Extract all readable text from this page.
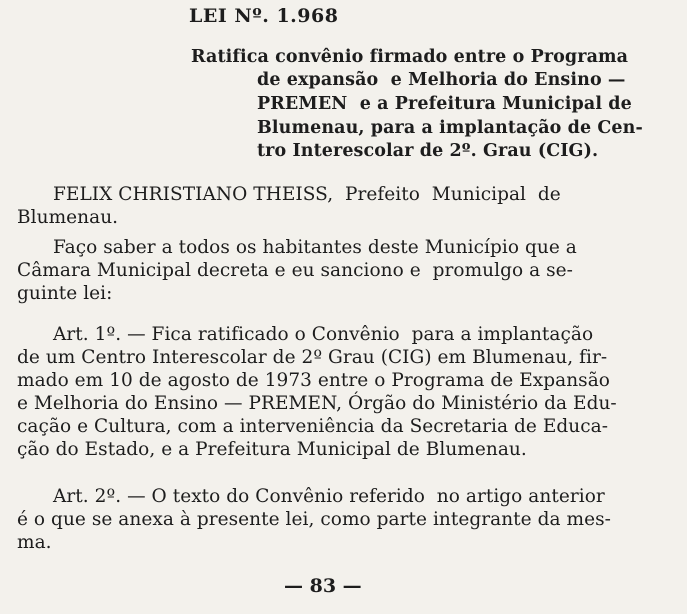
LEI Nº. 1.968
Ratifica convênio firmado entre o Programa
de expansão  e Melhoria do Ensino —
PREMEN  e a Prefeitura Municipal de
Blumenau, para a implantação de Cen-
tro Interescolar de 2º. Grau (CIG).
FELIX CHRISTIANO THEISS,  Prefeito  Municipal  de
Blumenau.
Faço saber a todos os habitantes deste Município que a
Câmara Municipal decreta e eu sanciono e  promulgo a se-
guinte lei:
Art. 1º. — Fica ratificado o Convênio  para a implantação
de um Centro Interescolar de 2º Grau (CIG) em Blumenau, fir-
mado em 10 de agosto de 1973 entre o Programa de Expansão
e Melhoria do Ensino — PREMEN, Órgão do Ministério da Edu-
cação e Cultura, com a interveniência da Secretaria de Educa-
ção do Estado, e a Prefeitura Municipal de Blumenau.
Art. 2º. — O texto do Convênio referido  no artigo anterior
é o que se anexa à presente lei, como parte integrante da mes-
ma.
— 83 —
